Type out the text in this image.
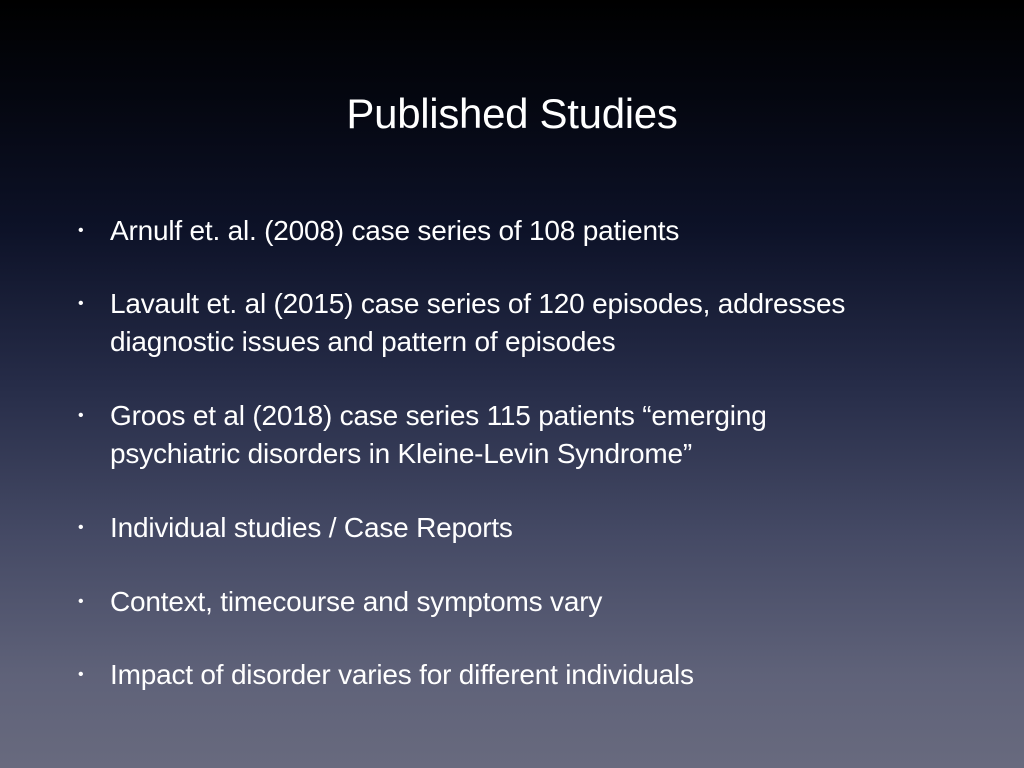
Published Studies
• Arnulf et. al. (2008) case series of 108 patients
• Lavault et. al (2015) case series of 120 episodes, addresses diagnostic issues and pattern of episodes
• Groos et al (2018) case series 115 patients “emerging psychiatric disorders in Kleine-Levin Syndrome”
• Individual studies / Case Reports
• Context, timecourse and symptoms vary
• Impact of disorder varies for different individuals
